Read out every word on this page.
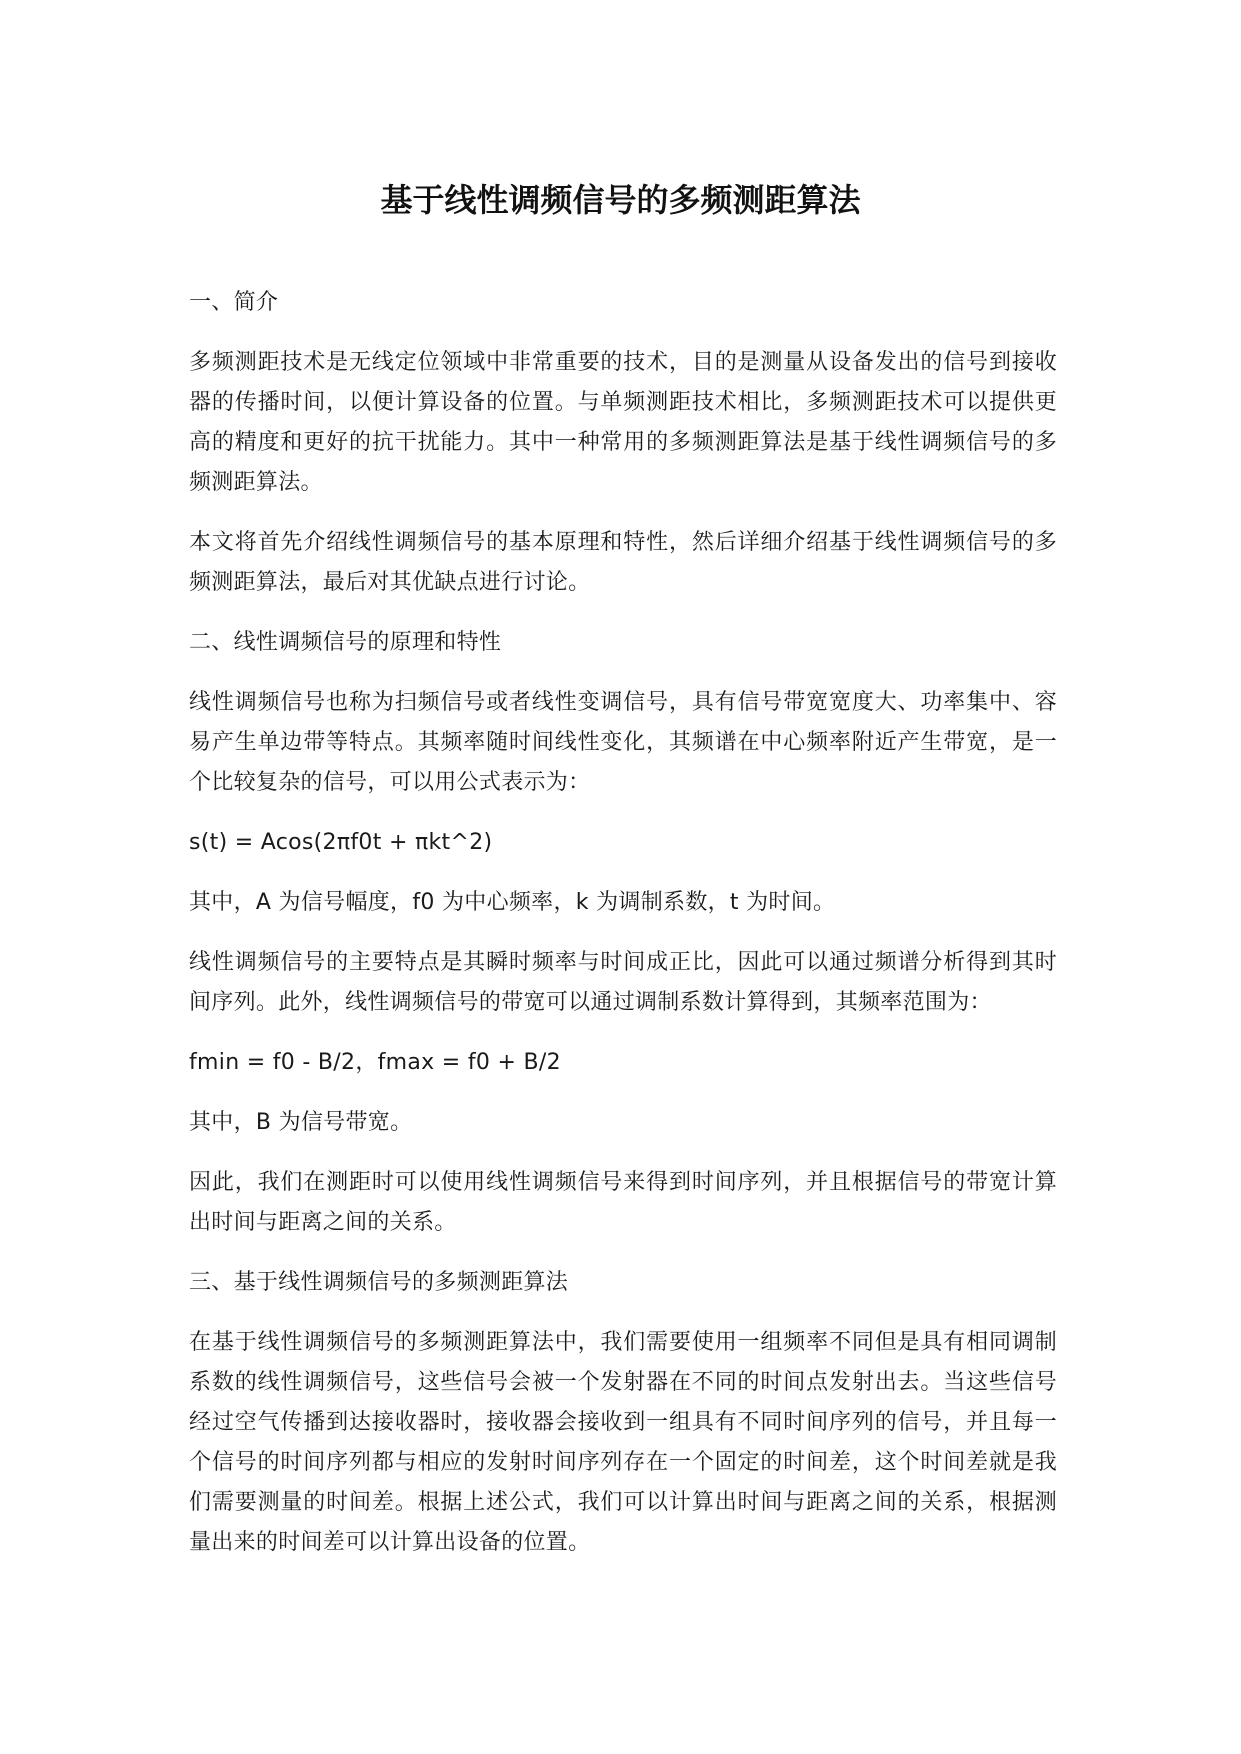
基于线性调频信号的多频测距算法

一、简介

多频测距技术是无线定位领域中非常重要的技术，目的是测量从设备发出的信号到接收器的传播时间，以便计算设备的位置。与单频测距技术相比，多频测距技术可以提供更高的精度和更好的抗干扰能力。其中一种常用的多频测距算法是基于线性调频信号的多频测距算法。

本文将首先介绍线性调频信号的基本原理和特性，然后详细介绍基于线性调频信号的多频测距算法，最后对其优缺点进行讨论。

二、线性调频信号的原理和特性

线性调频信号也称为扫频信号或者线性变调信号，具有信号带宽宽度大、功率集中、容易产生单边带等特点。其频率随时间线性变化，其频谱在中心频率附近产生带宽，是一个比较复杂的信号，可以用公式表示为：

s(t) = Acos(2πf0t + πkt^2)

其中，A 为信号幅度，f0 为中心频率，k 为调制系数，t 为时间。

线性调频信号的主要特点是其瞬时频率与时间成正比，因此可以通过频谱分析得到其时间序列。此外，线性调频信号的带宽可以通过调制系数计算得到，其频率范围为：

fmin = f0 - B/2，fmax = f0 + B/2

其中，B 为信号带宽。

因此，我们在测距时可以使用线性调频信号来得到时间序列，并且根据信号的带宽计算出时间与距离之间的关系。

三、基于线性调频信号的多频测距算法

在基于线性调频信号的多频测距算法中，我们需要使用一组频率不同但是具有相同调制系数的线性调频信号，这些信号会被一个发射器在不同的时间点发射出去。当这些信号经过空气传播到达接收器时，接收器会接收到一组具有不同时间序列的信号，并且每一个信号的时间序列都与相应的发射时间序列存在一个固定的时间差，这个时间差就是我们需要测量的时间差。根据上述公式，我们可以计算出时间与距离之间的关系，根据测量出来的时间差可以计算出设备的位置。
